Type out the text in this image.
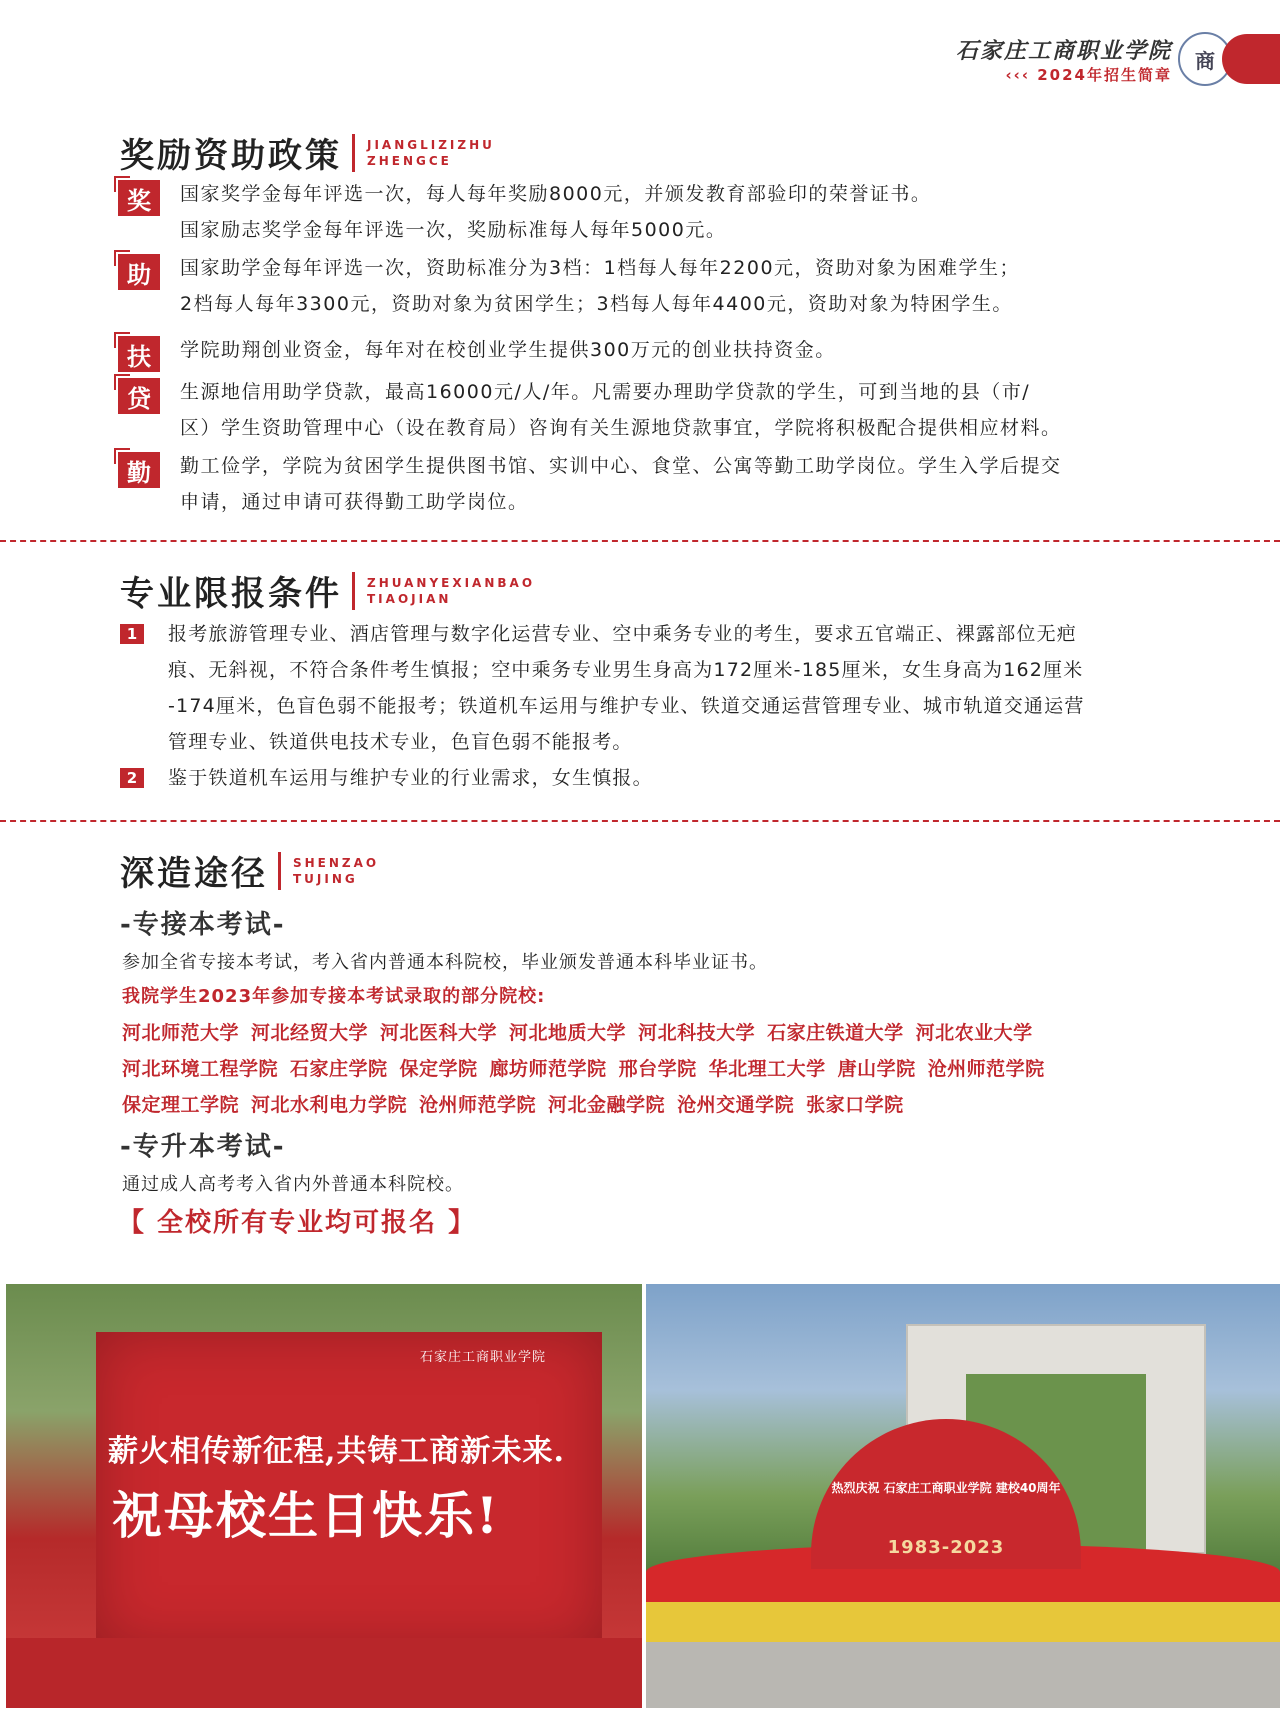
石家庄工商职业学院
‹‹‹ 2024年招生简章
商
奖励资助政策 JIANGLIZIZHU
ZHENGCE
奖	国家奖学金每年评选一次，每人每年奖励8000元，并颁发教育部验印的荣誉证书。
国家励志奖学金每年评选一次，奖励标准每人每年5000元。
助	国家助学金每年评选一次，资助标准分为3档：1档每人每年2200元，资助对象为困难学生；
2档每人每年3300元，资助对象为贫困学生；3档每人每年4400元，资助对象为特困学生。
扶	学院助翔创业资金，每年对在校创业学生提供300万元的创业扶持资金。
贷	生源地信用助学贷款，最高16000元/人/年。凡需要办理助学贷款的学生，可到当地的县（市/
区）学生资助管理中心（设在教育局）咨询有关生源地贷款事宜，学院将积极配合提供相应材料。
勤	勤工俭学，学院为贫困学生提供图书馆、实训中心、食堂、公寓等勤工助学岗位。学生入学后提交
申请，通过申请可获得勤工助学岗位。
专业限报条件 ZHUANYEXIANBAO
TIAOJIAN
1	报考旅游管理专业、酒店管理与数字化运营专业、空中乘务专业的考生，要求五官端正、裸露部位无疤
痕、无斜视，不符合条件考生慎报；空中乘务专业男生身高为172厘米-185厘米，女生身高为162厘米
-174厘米，色盲色弱不能报考；铁道机车运用与维护专业、铁道交通运营管理专业、城市轨道交通运营
管理专业、铁道供电技术专业，色盲色弱不能报考。
2	鉴于铁道机车运用与维护专业的行业需求，女生慎报。
深造途径 SHENZAO
TUJING
-专接本考试-
参加全省专接本考试，考入省内普通本科院校，毕业颁发普通本科毕业证书。
我院学生2023年参加专接本考试录取的部分院校:
河北师范大学 河北经贸大学 河北医科大学 河北地质大学 河北科技大学 石家庄铁道大学 河北农业大学
河北环境工程学院 石家庄学院 保定学院 廊坊师范学院 邢台学院 华北理工大学 唐山学院 沧州师范学院
保定理工学院 河北水利电力学院 沧州师范学院 河北金融学院 沧州交通学院 张家口学院
-专升本考试-
通过成人高考考入省内外普通本科院校。
【 全校所有专业均可报名 】
石家庄工商职业学院
薪火相传新征程,共铸工商新未来.
祝母校生日快乐!	热烈庆祝 石家庄工商职业学院 建校40周年
1983-2023
